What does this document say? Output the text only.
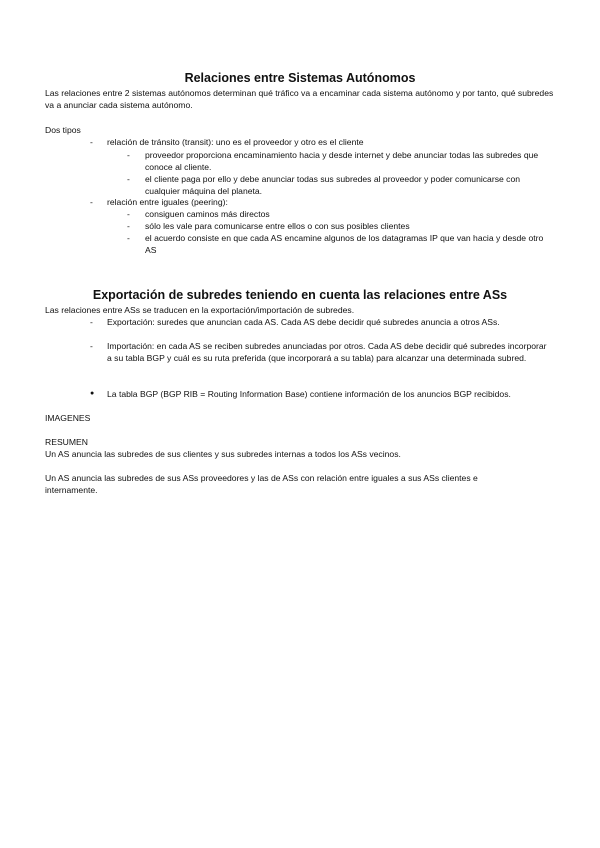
Relaciones entre Sistemas Autónomos

Las relaciones entre 2 sistemas autónomos determinan qué tráfico va a encaminar cada sistema autónomo y por tanto, qué subredes va a anunciar cada sistema autónomo.

Dos tipos

- relación de tránsito (transit): uno es el proveedor y otro es el cliente
- proveedor proporciona encaminamiento hacia y desde internet y debe anunciar todas las subredes que conoce al cliente.
- el cliente paga por ello y debe anunciar todas sus subredes al proveedor y poder comunicarse con cualquier máquina del planeta.
- relación entre iguales (peering):
- consiguen caminos más directos
- sólo les vale para comunicarse entre ellos o con sus posibles clientes
- el acuerdo consiste en que cada AS encamine algunos de los datagramas IP que van hacia y desde otro AS
Exportación de subredes teniendo en cuenta las relaciones entre ASs

Las relaciones entre ASs se traducen en la exportación/importación de subredes.

- Exportación: suredes que anuncian cada AS. Cada AS debe decidir qué subredes anuncia a otros ASs.
- Importación: en cada AS se reciben subredes anunciadas por otros. Cada AS debe decidir qué subredes incorporar a su tabla BGP y cuál es su ruta preferida (que incorporará a su tabla) para alcanzar una determinada subred.
● La tabla BGP (BGP RIB = Routing Information Base) contiene información de los anuncios BGP recibidos.

IMAGENES

RESUMEN

Un AS anuncia las subredes de sus clientes y sus subredes internas a todos los ASs vecinos.

Un AS anuncia las subredes de sus ASs proveedores y las de ASs con relación entre iguales a sus ASs clientes e internamente.
